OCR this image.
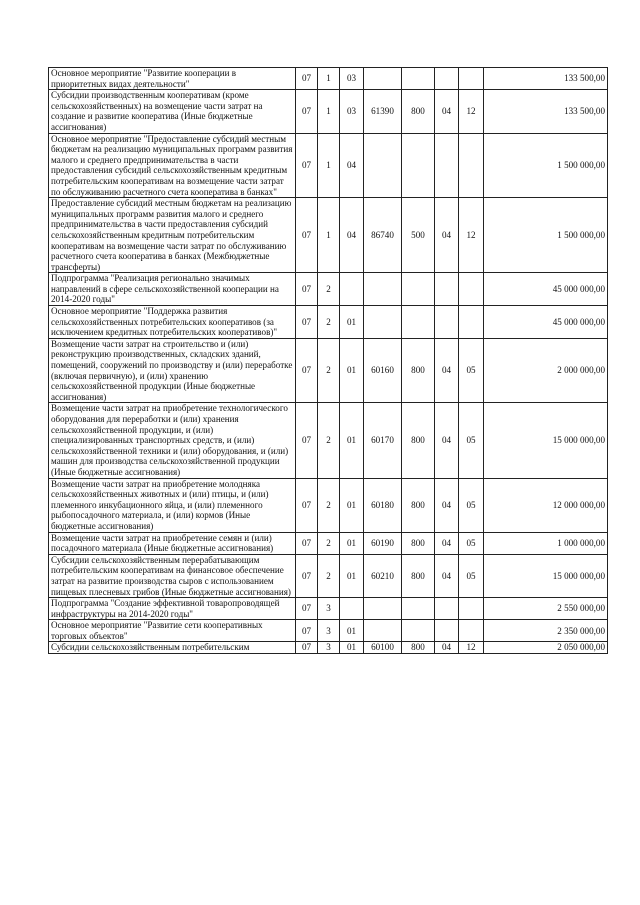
Основное мероприятие "Развитие кооперации в приоритетных видах деятельности"	07	1	03					133 500,00
Субсидии производственным кооперативам (кроме сельскохозяйственных) на возмещение части затрат на создание и развитие кооператива (Иные бюджетные ассигнования)	07	1	03	61390	800	04	12	133 500,00
Основное мероприятие "Предоставление субсидий местным бюджетам на реализацию муниципальных программ развития малого и среднего предпринимательства в части предоставления субсидий сельскохозяйственным кредитным потребительским кооперативам на возмещение части затрат по обслуживанию расчетного счета кооператива в банках"	07	1	04					1 500 000,00
Предоставление субсидий местным бюджетам на реализацию муниципальных программ развития малого и среднего предпринимательства в части предоставления субсидий сельскохозяйственным кредитным потребительским кооперативам на возмещение части затрат по обслуживанию расчетного счета кооператива в банках (Межбюджетные трансферты)	07	1	04	86740	500	04	12	1 500 000,00
Подпрограмма "Реализация регионально значимых направлений в сфере сельскохозяйственной кооперации на 2014-2020 годы"	07	2						45 000 000,00
Основное мероприятие "Поддержка развития сельскохозяйственных потребительских кооперативов (за исключением кредитных потребительских кооперативов)"	07	2	01					45 000 000,00
Возмещение части затрат на строительство и (или) реконструкцию производственных, складских зданий, помещений, сооружений по производству и (или) переработке (включая первичную), и (или) хранению сельскохозяйственной продукции (Иные бюджетные ассигнования)	07	2	01	60160	800	04	05	2 000 000,00
Возмещение части затрат на приобретение технологического оборудования для переработки и (или) хранения сельскохозяйственной продукции, и (или) специализированных транспортных средств, и (или) сельскохозяйственной техники и (или) оборудования, и (или) машин для производства сельскохозяйственной продукции (Иные бюджетные ассигнования)	07	2	01	60170	800	04	05	15 000 000,00
Возмещение части затрат на приобретение молодняка сельскохозяйственных животных и (или) птицы, и (или) племенного инкубационного яйца, и (или) племенного рыбопосадочного материала, и (или) кормов (Иные бюджетные ассигнования)	07	2	01	60180	800	04	05	12 000 000,00
Возмещение части затрат на приобретение семян и (или) посадочного материала (Иные бюджетные ассигнования)	07	2	01	60190	800	04	05	1 000 000,00
Субсидии сельскохозяйственным перерабатывающим потребительским кооперативам на финансовое обеспечение затрат на развитие производства сыров с использованием пищевых плесневых грибов (Иные бюджетные ассигнования)	07	2	01	60210	800	04	05	15 000 000,00
Подпрограмма "Создание эффективной товаропроводящей инфраструктуры на 2014-2020 годы"	07	3						2 550 000,00
Основное мероприятие "Развитие сети кооперативных торговых объектов"	07	3	01					2 350 000,00
Субсидии сельскохозяйственным потребительским	07	3	01	60100	800	04	12	2 050 000,00
